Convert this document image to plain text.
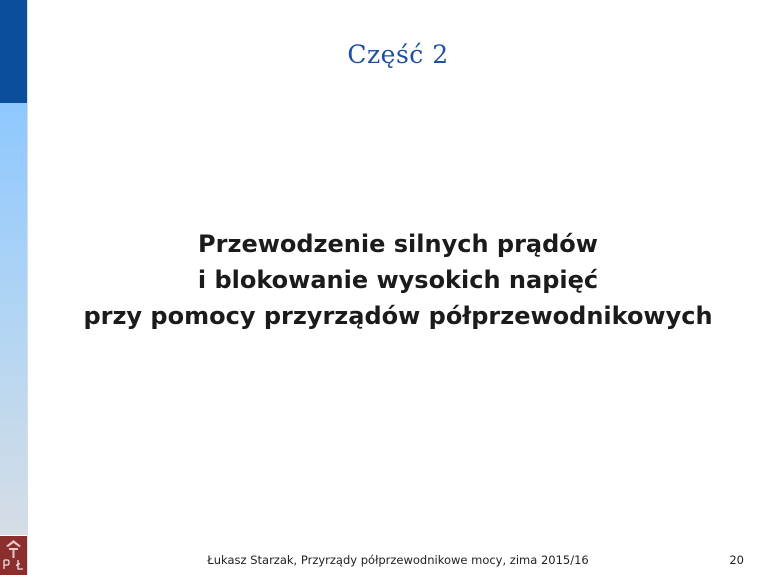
Część 2
Przewodzenie silnych prądów
i blokowanie wysokich napięć
przy pomocy przyrządów półprzewodnikowych
Łukasz Starzak, Przyrządy półprzewodnikowe mocy, zima 2015/16	20
